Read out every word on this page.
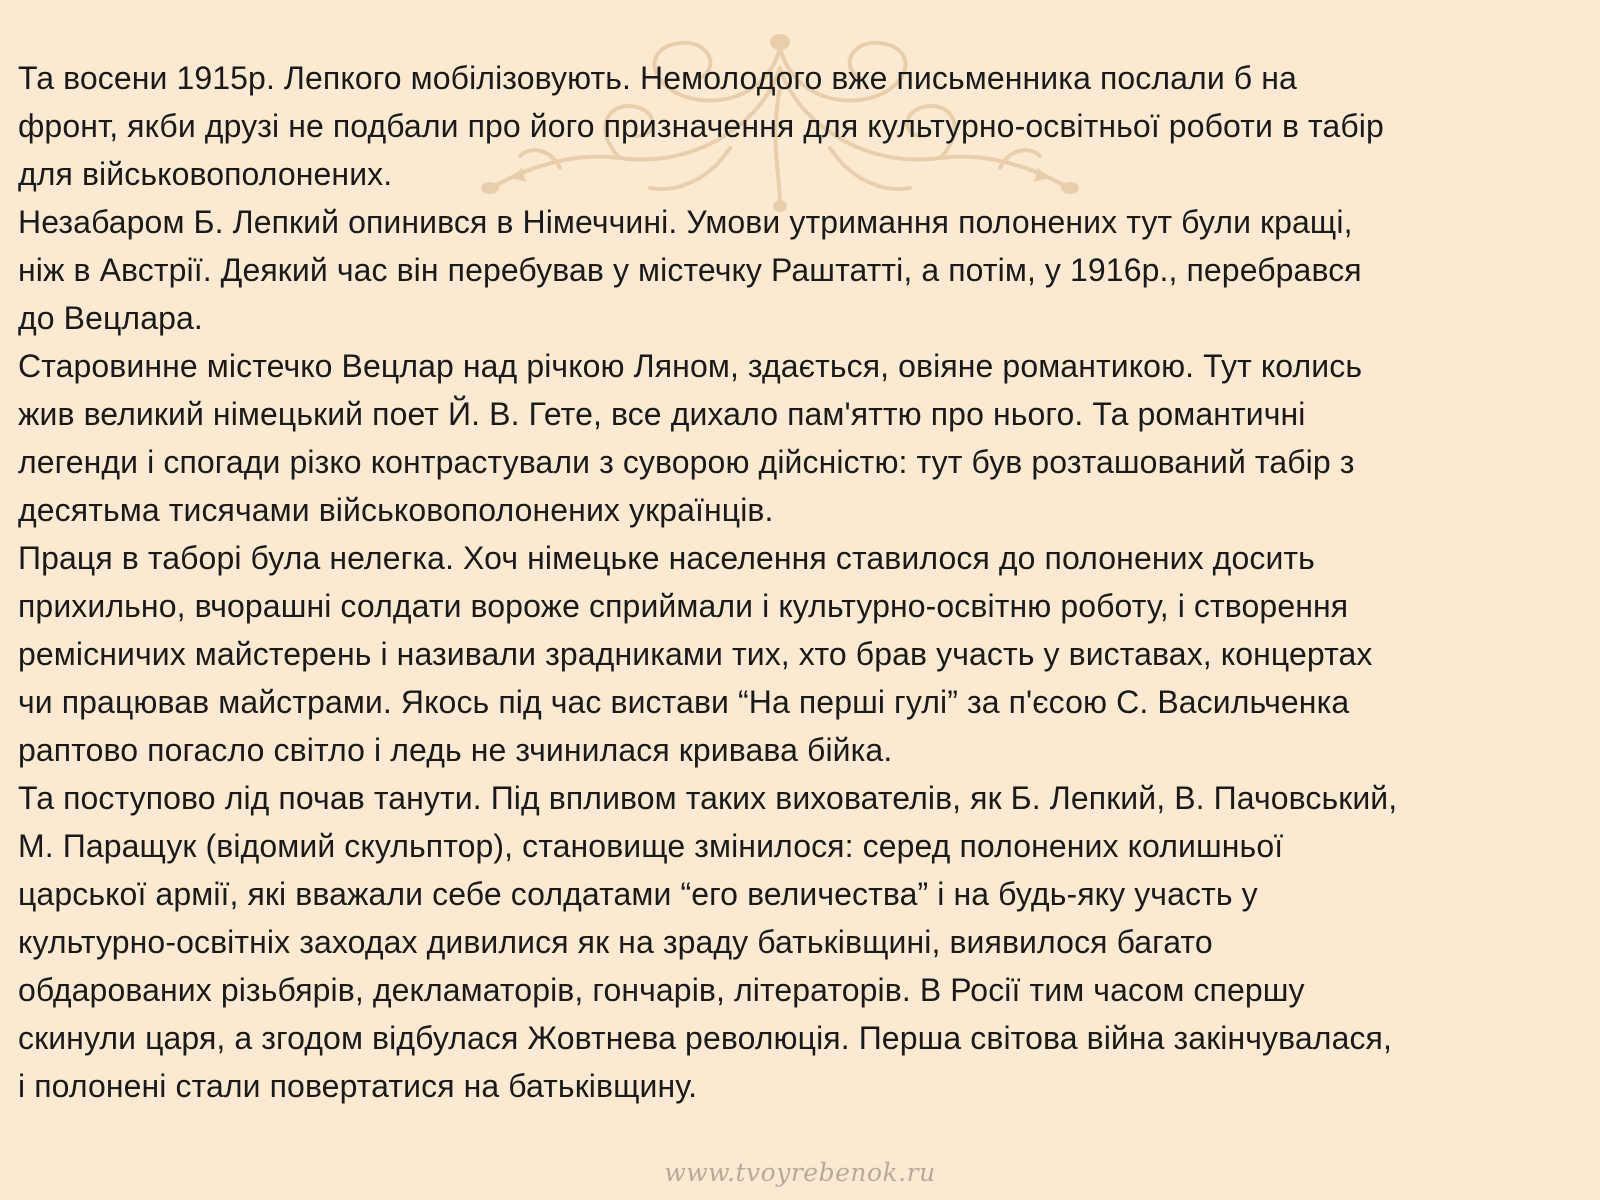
Та восени 1915р. Лепкого мобілізовують. Немолодого вже письменника послали б на
фронт, якби друзі не подбали про його призначення для культурно-освітньої роботи в табір
для військовополонених.
Незабаром Б. Лепкий опинився в Німеччині. Умови утримання полонених тут були кращі,
ніж в Австрії. Деякий час він перебував у містечку Раштатті, а потім, у 1916р., перебрався
до Вецлара.
Старовинне містечко Вецлар над річкою Ляном, здається, овіяне романтикою. Тут колись
жив великий німецький поет Й. В. Гете, все дихало пам'яттю про нього. Та романтичні
легенди і спогади різко контрастували з суворою дійсністю: тут був розташований табір з
десятьма тисячами військовополонених українців.
Праця в таборі була нелегка. Хоч німецьке населення ставилося до полонених досить
прихильно, вчорашні солдати вороже сприймали і культурно-освітню роботу, і створення
ремісничих майстерень і називали зрадниками тих, хто брав участь у виставах, концертах
чи працював майстрами. Якось під час вистави “На перші гулі” за п'єсою С. Васильченка
раптово погасло світло і ледь не зчинилася кривава бійка.
Та поступово лід почав танути. Під впливом таких вихователів, як Б. Лепкий, В. Пачовський,
М. Паращук (відомий скульптор), становище змінилося: серед полонених колишньої
царської армії, які вважали себе солдатами “его величества” і на будь-яку участь у
культурно-освітніх заходах дивилися як на зраду батьківщині, виявилося багато
обдарованих різьбярів, декламаторів, гончарів, літераторів. В Росії тим часом спершу
скинули царя, а згодом відбулася Жовтнева революція. Перша світова війна закінчувалася,
і полонені стали повертатися на батьківщину.
www.tvoyrebenok.ru
